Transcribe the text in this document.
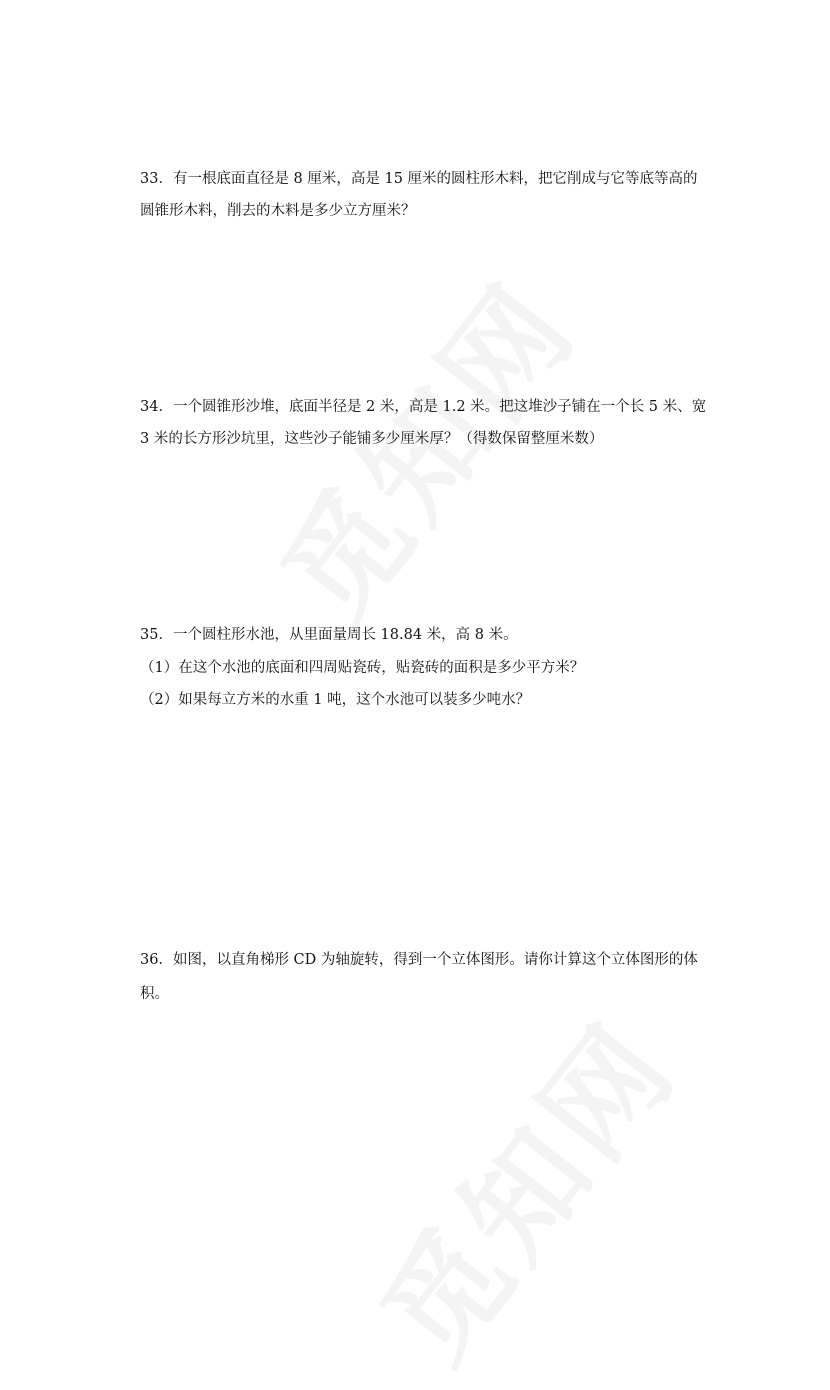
33．有一根底面直径是 8 厘米，高是 15 厘米的圆柱形木料，把它削成与它等底等高的
圆锥形木料，削去的木料是多少立方厘米？
34．一个圆锥形沙堆，底面半径是 2 米，高是 1.2 米。把这堆沙子铺在一个长 5 米、宽
3 米的长方形沙坑里，这些沙子能铺多少厘米厚？（得数保留整厘米数）
35．一个圆柱形水池，从里面量周长 18.84 米，高 8 米。
（1）在这个水池的底面和四周贴瓷砖，贴瓷砖的面积是多少平方米？
（2）如果每立方米的水重 1 吨，这个水池可以装多少吨水？
36．如图，以直角梯形 CD 为轴旋转，得到一个立体图形。请你计算这个立体图形的体
积。
